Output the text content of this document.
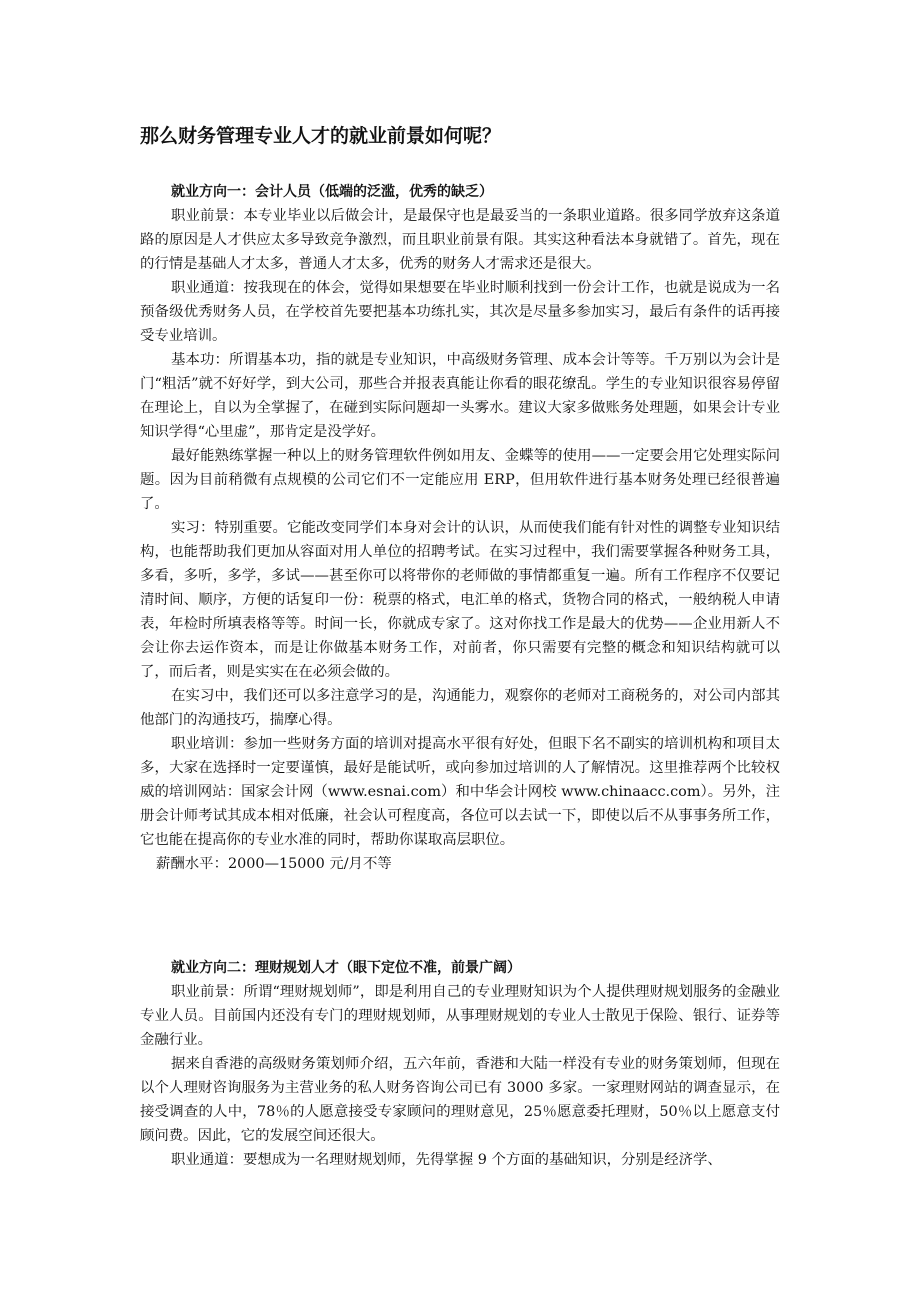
那么财务管理专业人才的就业前景如何呢？
就业方向一：会计人员（低端的泛滥，优秀的缺乏）

职业前景：本专业毕业以后做会计，是最保守也是最妥当的一条职业道路。很多同学放弃这条道路的原因是人才供应太多导致竞争激烈，而且职业前景有限。其实这种看法本身就错了。首先，现在的行情是基础人才太多，普通人才太多，优秀的财务人才需求还是很大。

职业通道：按我现在的体会，觉得如果想要在毕业时顺利找到一份会计工作，也就是说成为一名预备级优秀财务人员，在学校首先要把基本功练扎实，其次是尽量多参加实习，最后有条件的话再接受专业培训。

基本功：所谓基本功，指的就是专业知识，中高级财务管理、成本会计等等。千万别以为会计是门“粗活”就不好好学，到大公司，那些合并报表真能让你看的眼花缭乱。学生的专业知识很容易停留在理论上，自以为全掌握了，在碰到实际问题却一头雾水。建议大家多做账务处理题，如果会计专业知识学得“心里虚”，那肯定是没学好。

最好能熟练掌握一种以上的财务管理软件例如用友、金蝶等的使用——一定要会用它处理实际问题。因为目前稍微有点规模的公司它们不一定能应用 ERP，但用软件进行基本财务处理已经很普遍了。

实习：特别重要。它能改变同学们本身对会计的认识，从而使我们能有针对性的调整专业知识结构，也能帮助我们更加从容面对用人单位的招聘考试。在实习过程中，我们需要掌握各种财务工具，多看，多听，多学，多试——甚至你可以将带你的老师做的事情都重复一遍。所有工作程序不仅要记清时间、顺序，方便的话复印一份：税票的格式，电汇单的格式，货物合同的格式，一般纳税人申请表，年检时所填表格等等。时间一长，你就成专家了。这对你找工作是最大的优势——企业用新人不会让你去运作资本，而是让你做基本财务工作，对前者，你只需要有完整的概念和知识结构就可以了，而后者，则是实实在在必须会做的。

在实习中，我们还可以多注意学习的是，沟通能力，观察你的老师对工商税务的，对公司内部其他部门的沟通技巧，揣摩心得。

职业培训：参加一些财务方面的培训对提高水平很有好处，但眼下名不副实的培训机构和项目太多，大家在选择时一定要谨慎，最好是能试听，或向参加过培训的人了解情况。这里推荐两个比较权威的培训网站：国家会计网（www.esnai.com）和中华会计网校 www.chinaacc.com）。另外，注册会计师考试其成本相对低廉，社会认可程度高，各位可以去试一下，即使以后不从事事务所工作，它也能在提高你的专业水准的同时，帮助你谋取高层职位。

薪酬水平：2000—15000 元/月不等

就业方向二：理财规划人才（眼下定位不准，前景广阔）

职业前景：所谓“理财规划师”，即是利用自己的专业理财知识为个人提供理财规划服务的金融业专业人员。目前国内还没有专门的理财规划师，从事理财规划的专业人士散见于保险、银行、证券等金融行业。

据来自香港的高级财务策划师介绍，五六年前，香港和大陆一样没有专业的财务策划师，但现在以个人理财咨询服务为主营业务的私人财务咨询公司已有 3000 多家。一家理财网站的调查显示，在接受调查的人中，78％的人愿意接受专家顾问的理财意见，25％愿意委托理财，50％以上愿意支付顾问费。因此，它的发展空间还很大。

职业通道：要想成为一名理财规划师，先得掌握 9 个方面的基础知识，分别是经济学、
